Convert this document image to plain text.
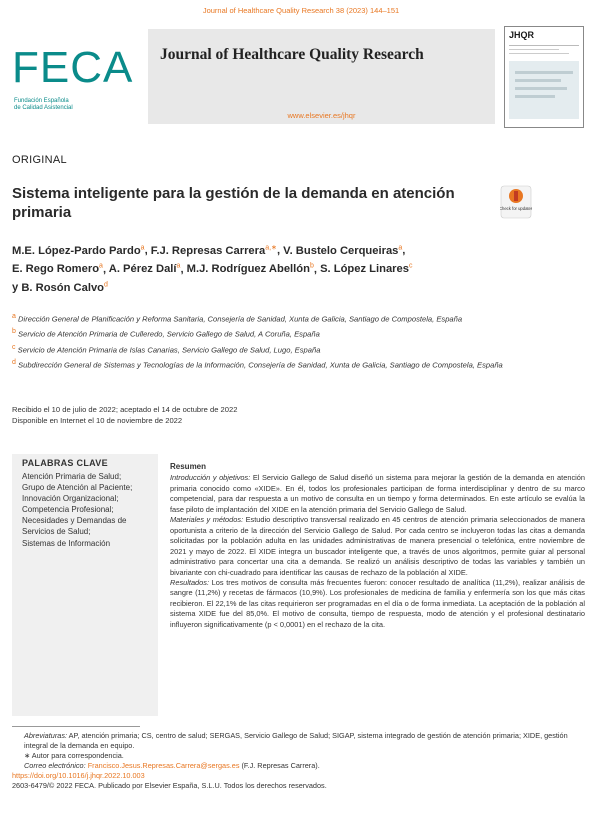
Journal of Healthcare Quality Research 38 (2023) 144–151
FECA
Fundación Española
de Calidad Asistencial
Journal of Healthcare Quality Research
www.elsevier.es/jhqr
JHQR
ORIGINAL
Sistema inteligente para la gestión de la demanda en atención primaria	Check for updates
M.E. López-Pardo Pardo$^a$, F.J. Represas Carrera$^{a,∗}$, V. Bustelo Cerqueiras$^a$,
E. Rego Romero$^a$, A. Pérez Dalí$^a$, M.J. Rodríguez Abellón$^b$, S. López Linares$^c$
y B. Rosón Calvo$^d$
$^a$ Dirección General de Planificación y Reforma Sanitaria, Consejería de Sanidad, Xunta de Galicia, Santiago de Compostela, España
$^b$ Servicio de Atención Primaria de Culleredo, Servicio Gallego de Salud, A Coruña, España
$^c$ Servicio de Atención Primaria de Islas Canarias, Servicio Gallego de Salud, Lugo, España
$^d$ Subdirección General de Sistemas y Tecnologías de la Información, Consejería de Sanidad, Xunta de Galicia, Santiago de Compostela, España
Recibido el 10 de julio de 2022; aceptado el 14 de octubre de 2022
Disponible en Internet el 10 de noviembre de 2022
PALABRAS CLAVE
Atención Primaria de Salud;
Grupo de Atención al Paciente;
Innovación Organizacional;
Competencia Profesional;
Necesidades y Demandas de Servicios de Salud;
Sistemas de Información
Resumen
Introducción y objetivos: El Servicio Gallego de Salud diseñó un sistema para mejorar la gestión de la demanda en atención primaria conocido como «XIDE». En él, todos los profesionales participan de forma interdisciplinar y dentro de su marco competencial, para dar respuesta a un motivo de consulta en un tiempo y forma determinados. En este artículo se evalúa la fase piloto de implantación del XIDE en la atención primaria del Servicio Gallego de Salud.
Materiales y métodos: Estudio descriptivo transversal realizado en 45 centros de atención primaria seleccionados de manera oportunista a criterio de la dirección del Servicio Gallego de Salud. Por cada centro se incluyeron todas las citas a demanda solicitadas por la población adulta en las unidades administrativas de manera presencial o telefónica, entre noviembre de 2021 y mayo de 2022. El XIDE integra un buscador inteligente que, a través de unos algoritmos, permite guiar al personal administrativo para concertar una cita a demanda. Se realizó un análisis descriptivo de todas las variables y también un bivariante con chi-cuadrado para identificar las causas de rechazo de la población al XIDE.
Resultados: Los tres motivos de consulta más frecuentes fueron: conocer resultado de analítica (11,2%), realizar análisis de sangre (11,2%) y recetas de fármacos (10,9%). Los profesionales de medicina de familia y enfermería son los que más citas recibieron. El 22,1% de las citas requirieron ser programadas en el día o de forma inmediata. La aceptación de la población al sistema XIDE fue del 85,0%. El motivo de consulta, tiempo de respuesta, modo de atención y el profesional destinatario influyeron significativamente (p < 0,0001) en el rechazo de la cita.
Abreviaturas: AP, atención primaria; CS, centro de salud; SERGAS, Servicio Gallego de Salud; SIGAP, sistema integrado de gestión de atención primaria; XIDE, gestión integral de la demanda en equipo.
∗ Autor para correspondencia.
Correo electrónico: Francisco.Jesus.Represas.Carrera@sergas.es (F.J. Represas Carrera).
https://doi.org/10.1016/j.jhqr.2022.10.003
2603-6479/© 2022 FECA. Publicado por Elsevier España, S.L.U. Todos los derechos reservados.
